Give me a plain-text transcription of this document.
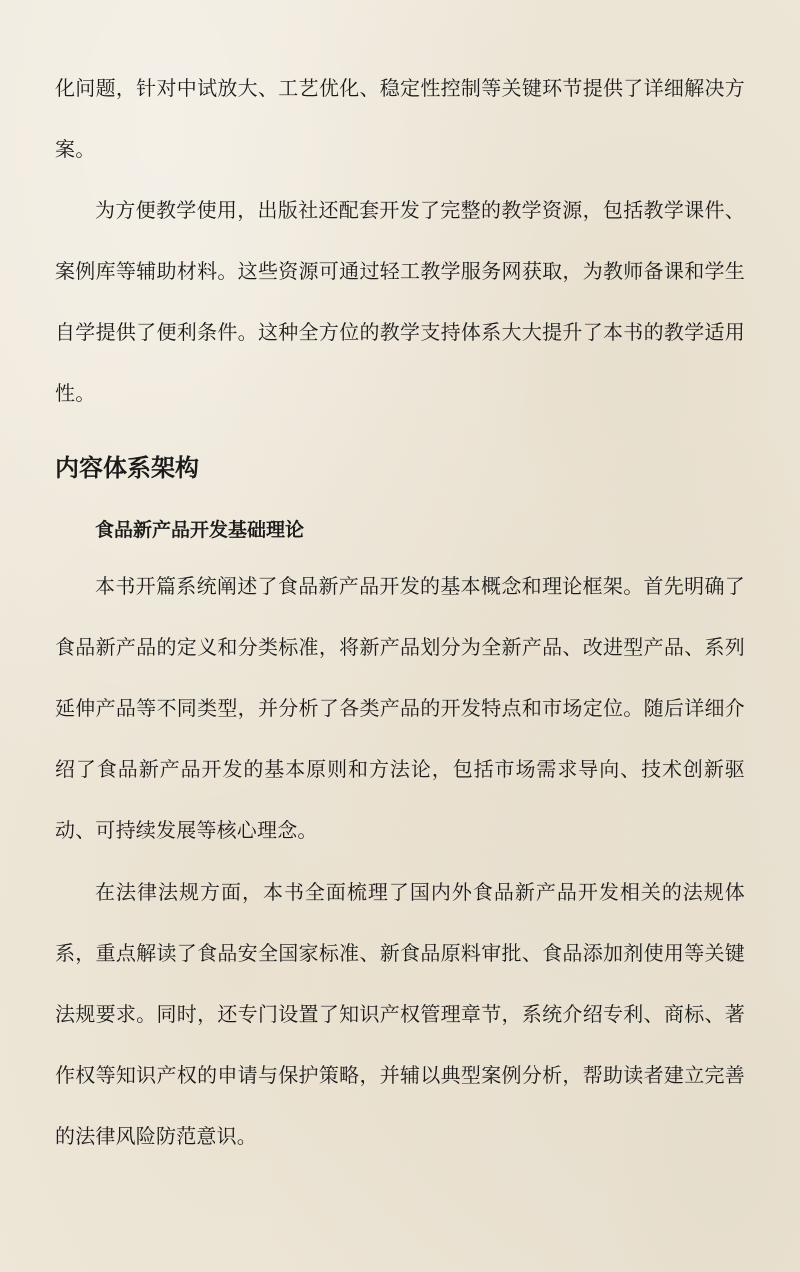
化问题，针对中试放大、工艺优化、稳定性控制等关键环节提供了详细解决方案。

为方便教学使用，出版社还配套开发了完整的教学资源，包括教学课件、案例库等辅助材料。这些资源可通过轻工教学服务网获取，为教师备课和学生自学提供了便利条件。这种全方位的教学支持体系大大提升了本书的教学适用性。

内容体系架构
食品新产品开发基础理论

本书开篇系统阐述了食品新产品开发的基本概念和理论框架。首先明确了食品新产品的定义和分类标准，将新产品划分为全新产品、改进型产品、系列延伸产品等不同类型，并分析了各类产品的开发特点和市场定位。随后详细介绍了食品新产品开发的基本原则和方法论，包括市场需求导向、技术创新驱动、可持续发展等核心理念。

在法律法规方面，本书全面梳理了国内外食品新产品开发相关的法规体系，重点解读了食品安全国家标准、新食品原料审批、食品添加剂使用等关键法规要求。同时，还专门设置了知识产权管理章节，系统介绍专利、商标、著作权等知识产权的申请与保护策略，并辅以典型案例分析，帮助读者建立完善的法律风险防范意识。
